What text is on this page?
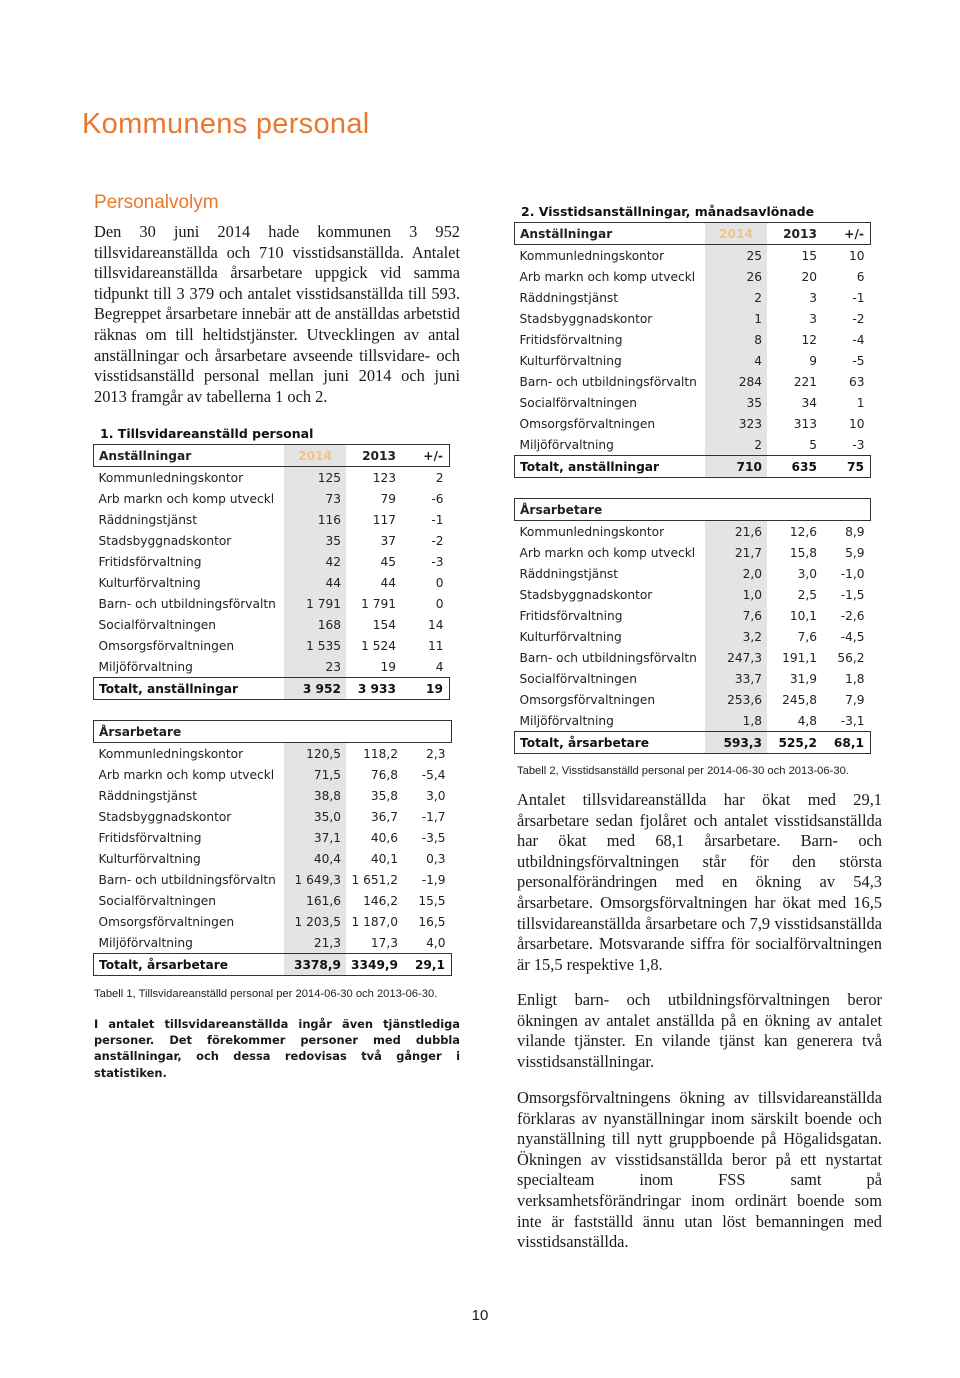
Kommunens personal
Personalvolym

Den 30 juni 2014 hade kommunen 3 952 tillsvidareanställda och 710 visstidsanställda. Antalet tillsvidareanställda årsarbetare uppgick vid samma tidpunkt till 3 379 och antalet visstidsanställda till 593. Begreppet årsarbetare innebär att de anställdas arbetstid räknas om till heltidstjänster. Utvecklingen av antal anställningar och årsarbetare avseende tillsvidare- och visstidsanställd personal mellan juni 2014 och juni 2013 framgår av tabellerna 1 och 2.

1. Tillsvidareanställd personal
Anställningar	2014	2013	+/-
Kommunledningskontor	125	123	2
Arb markn och komp utveckl	73	79	-6
Räddningstjänst	116	117	-1
Stadsbyggnadskontor	35	37	-2
Fritidsförvaltning	42	45	-3
Kulturförvaltning	44	44	0
Barn- och utbildningsförvaltn	1 791	1 791	0
Socialförvaltningen	168	154	14
Omsorgsförvaltningen	1 535	1 524	11
Miljöförvaltning	23	19	4
Totalt, anställningar	3 952	3 933	19
Årsarbetare			
Kommunledningskontor	120,5	118,2	2,3
Arb markn och komp utveckl	71,5	76,8	-5,4
Räddningstjänst	38,8	35,8	3,0
Stadsbyggnadskontor	35,0	36,7	-1,7
Fritidsförvaltning	37,1	40,6	-3,5
Kulturförvaltning	40,4	40,1	0,3
Barn- och utbildningsförvaltn	1 649,3	1 651,2	-1,9
Socialförvaltningen	161,6	146,2	15,5
Omsorgsförvaltningen	1 203,5	1 187,0	16,5
Miljöförvaltning	21,3	17,3	4,0
Totalt, årsarbetare	3378,9	3349,9	29,1
Tabell 1, Tillsvidareanställd personal per 2014-06-30 och 2013-06-30.

I antalet tillsvidareanställda ingår även tjänstlediga personer. Det förekommer personer med dubbla anställningar, och dessa redovisas två gånger i statistiken.

2. Visstidsanställningar, månadsavlönade
Anställningar	2014	2013	+/-
Kommunledningskontor	25	15	10
Arb markn och komp utveckl	26	20	6
Räddningstjänst	2	3	-1
Stadsbyggnadskontor	1	3	-2
Fritidsförvaltning	8	12	-4
Kulturförvaltning	4	9	-5
Barn- och utbildningsförvaltn	284	221	63
Socialförvaltningen	35	34	1
Omsorgsförvaltningen	323	313	10
Miljöförvaltning	2	5	-3
Totalt, anställningar	710	635	75
Årsarbetare			
Kommunledningskontor	21,6	12,6	8,9
Arb markn och komp utveckl	21,7	15,8	5,9
Räddningstjänst	2,0	3,0	-1,0
Stadsbyggnadskontor	1,0	2,5	-1,5
Fritidsförvaltning	7,6	10,1	-2,6
Kulturförvaltning	3,2	7,6	-4,5
Barn- och utbildningsförvaltn	247,3	191,1	56,2
Socialförvaltningen	33,7	31,9	1,8
Omsorgsförvaltningen	253,6	245,8	7,9
Miljöförvaltning	1,8	4,8	-3,1
Totalt, årsarbetare	593,3	525,2	68,1
Tabell 2, Visstidsanställd personal per 2014-06-30 och 2013-06-30.

Antalet tillsvidareanställda har ökat med 29,1 årsarbetare sedan fjolåret och antalet visstidsanställda har ökat med 68,1 årsarbetare. Barn- och utbildningsförvaltningen står för den största personalförändringen med en ökning av 54,3 årsarbetare. Omsorgsförvaltningen har ökat med 16,5 tillsvidareanställda årsarbetare och 7,9 visstidsanställda årsarbetare. Motsvarande siffra för socialförvaltningen är 15,5 respektive 1,8.

Enligt barn- och utbildningsförvaltningen beror ökningen av antalet anställda på en ökning av antalet vilande tjänster. En vilande tjänst kan generera två visstidsanställningar.

Omsorgsförvaltningens ökning av tillsvidareanställda förklaras av nyanställningar inom särskilt boende och nyanställning till nytt gruppboende på Högalidsgatan. Ökningen av visstidsanställda beror på ett nystartat specialteam inom FSS samt på verksamhetsförändringar inom ordinärt boende som inte är fastställd ännu utan löst bemanningen med visstidsanställda.

10
